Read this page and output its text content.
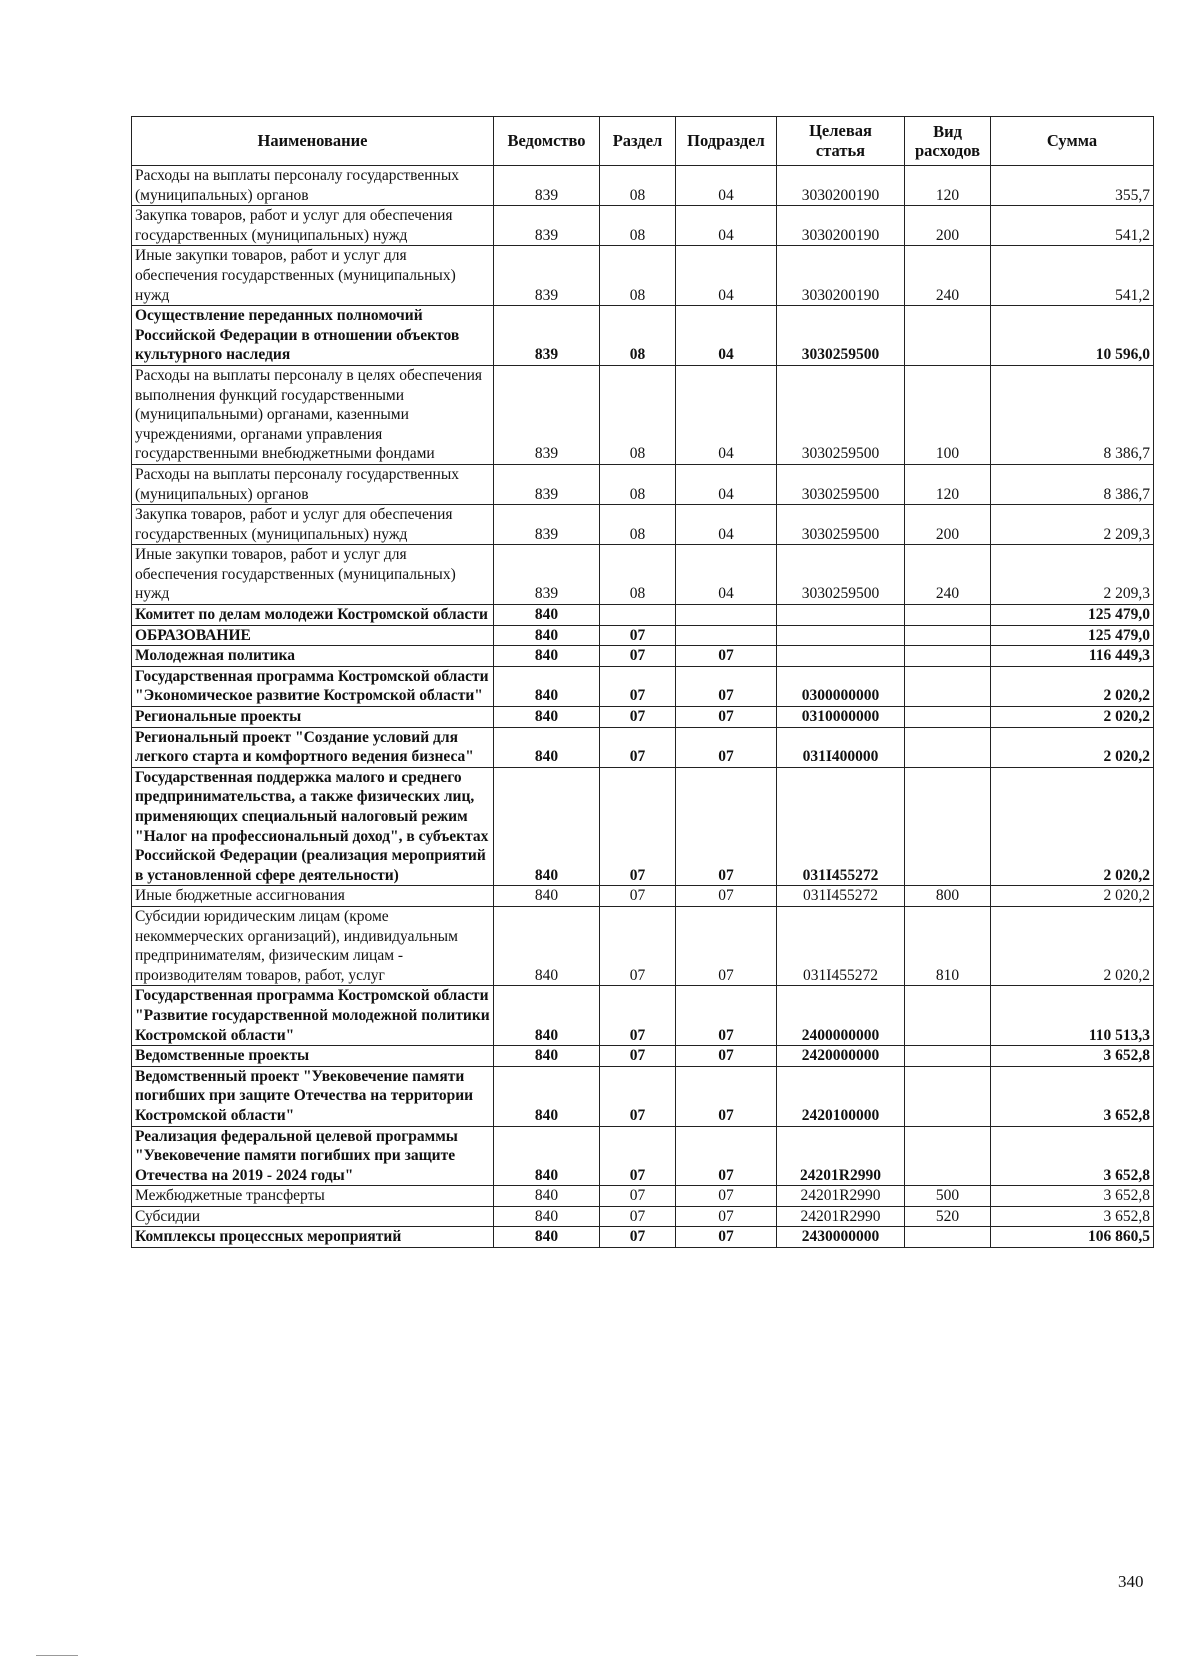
Наименование	Ведомство	Раздел	Подраздел	Целевая статья	Вид расходов	Сумма
Расходы на выплаты персоналу государственных (муниципальных) органов	839	08	04	3030200190	120	355,7
Закупка товаров, работ и услуг для обеспечения государственных (муниципальных) нужд	839	08	04	3030200190	200	541,2
Иные закупки товаров, работ и услуг для обеспечения государственных (муниципальных) нужд	839	08	04	3030200190	240	541,2
Осуществление переданных полномочий Российской Федерации в отношении объектов культурного наследия	839	08	04	3030259500		10 596,0
Расходы на выплаты персоналу в целях обеспечения выполнения функций государственными (муниципальными) органами, казенными учреждениями, органами управления государственными внебюджетными фондами	839	08	04	3030259500	100	8 386,7
Расходы на выплаты персоналу государственных (муниципальных) органов	839	08	04	3030259500	120	8 386,7
Закупка товаров, работ и услуг для обеспечения государственных (муниципальных) нужд	839	08	04	3030259500	200	2 209,3
Иные закупки товаров, работ и услуг для обеспечения государственных (муниципальных) нужд	839	08	04	3030259500	240	2 209,3
Комитет по делам молодежи Костромской области	840					125 479,0
ОБРАЗОВАНИЕ	840	07				125 479,0
Молодежная политика	840	07	07			116 449,3
Государственная программа Костромской области "Экономическое развитие Костромской области"	840	07	07	0300000000		2 020,2
Региональные проекты	840	07	07	0310000000		2 020,2
Региональный проект "Создание условий для легкого старта и комфортного ведения бизнеса"	840	07	07	031I400000		2 020,2
Государственная поддержка малого и среднего предпринимательства, а также физических лиц, применяющих специальный налоговый режим "Налог на профессиональный доход", в субъектах Российской Федерации (реализация мероприятий в установленной сфере деятельности)	840	07	07	031I455272		2 020,2
Иные бюджетные ассигнования	840	07	07	031I455272	800	2 020,2
Субсидии юридическим лицам (кроме некоммерческих организаций), индивидуальным предпринимателям, физическим лицам - производителям товаров, работ, услуг	840	07	07	031I455272	810	2 020,2
Государственная программа Костромской области "Развитие государственной молодежной политики Костромской области"	840	07	07	2400000000		110 513,3
Ведомственные проекты	840	07	07	2420000000		3 652,8
Ведомственный проект "Увековечение памяти погибших при защите Отечества на территории Костромской области"	840	07	07	2420100000		3 652,8
Реализация федеральной целевой программы "Увековечение памяти погибших при защите Отечества на 2019 - 2024 годы"	840	07	07	24201R2990		3 652,8
Межбюджетные трансферты	840	07	07	24201R2990	500	3 652,8
Субсидии	840	07	07	24201R2990	520	3 652,8
Комплексы процессных мероприятий	840	07	07	2430000000		106 860,5
340
